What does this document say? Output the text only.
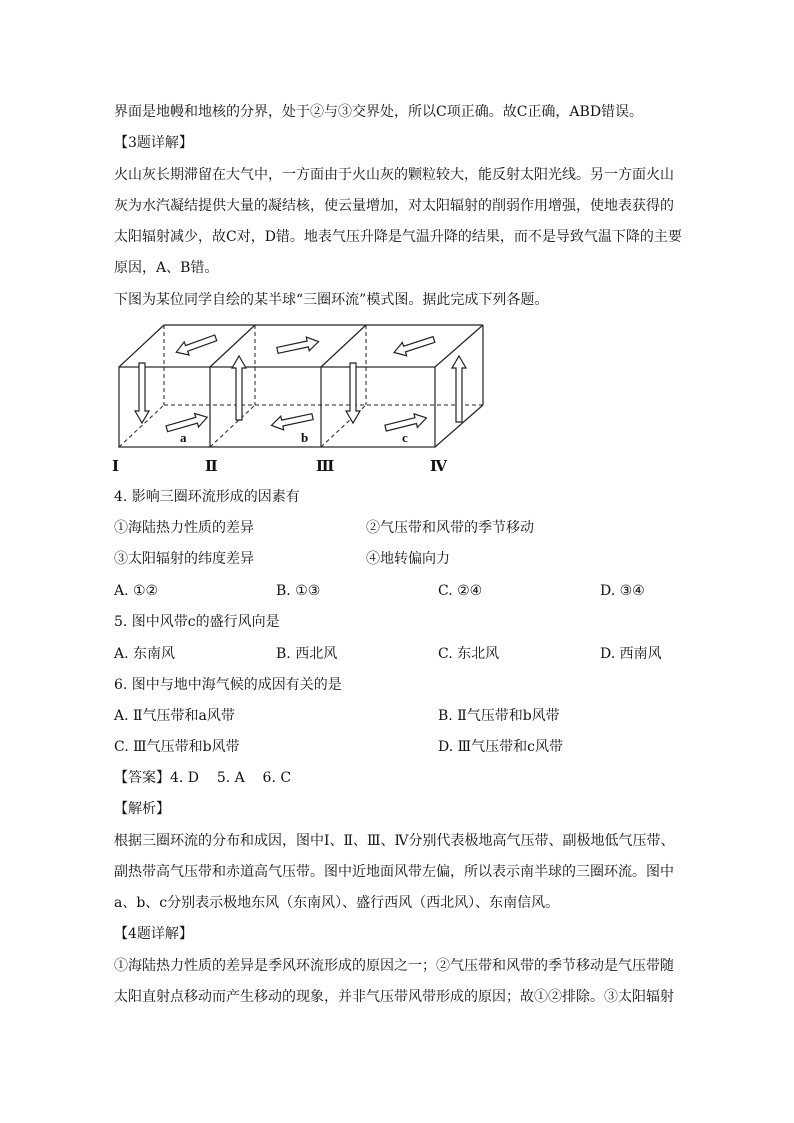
界面是地幔和地核的分界，处于②与③交界处，所以C项正确。故C正确，ABD错误。
【3题详解】
火山灰长期滞留在大气中，一方面由于火山灰的颗粒较大，能反射太阳光线。另一方面火山
灰为水汽凝结提供大量的凝结核，使云量增加，对太阳辐射的削弱作用增强，使地表获得的
太阳辐射减少，故C对，D错。地表气压升降是气温升降的结果，而不是导致气温下降的主要
原因，A、B错。
下图为某位同学自绘的某半球“三圈环流”模式图。据此完成下列各题。
a	b	c
Ⅰ	Ⅱ	Ⅲ	Ⅳ
4. 影响三圈环流形成的因素有
①海陆热力性质的差异	②气压带和风带的季节移动
③太阳辐射的纬度差异	④地转偏向力
A. ①②	B. ①③	C. ②④	D. ③④
5. 图中风带c的盛行风向是
A. 东南风	B. 西北风	C. 东北风	D. 西南风
6. 图中与地中海气候的成因有关的是
A. Ⅱ气压带和a风带	B. Ⅱ气压带和b风带
C. Ⅲ气压带和b风带	D. Ⅲ气压带和c风带
【答案】4. D    5. A    6. C
【解析】
根据三圈环流的分布和成因，图中Ⅰ、Ⅱ、Ⅲ、Ⅳ分别代表极地高气压带、副极地低气压带、
副热带高气压带和赤道高气压带。图中近地面风带左偏，所以表示南半球的三圈环流。图中
a、b、c分别表示极地东风（东南风）、盛行西风（西北风）、东南信风。
【4题详解】
①海陆热力性质的差异是季风环流形成的原因之一；②气压带和风带的季节移动是气压带随
太阳直射点移动而产生移动的现象，并非气压带风带形成的原因；故①②排除。③太阳辐射
